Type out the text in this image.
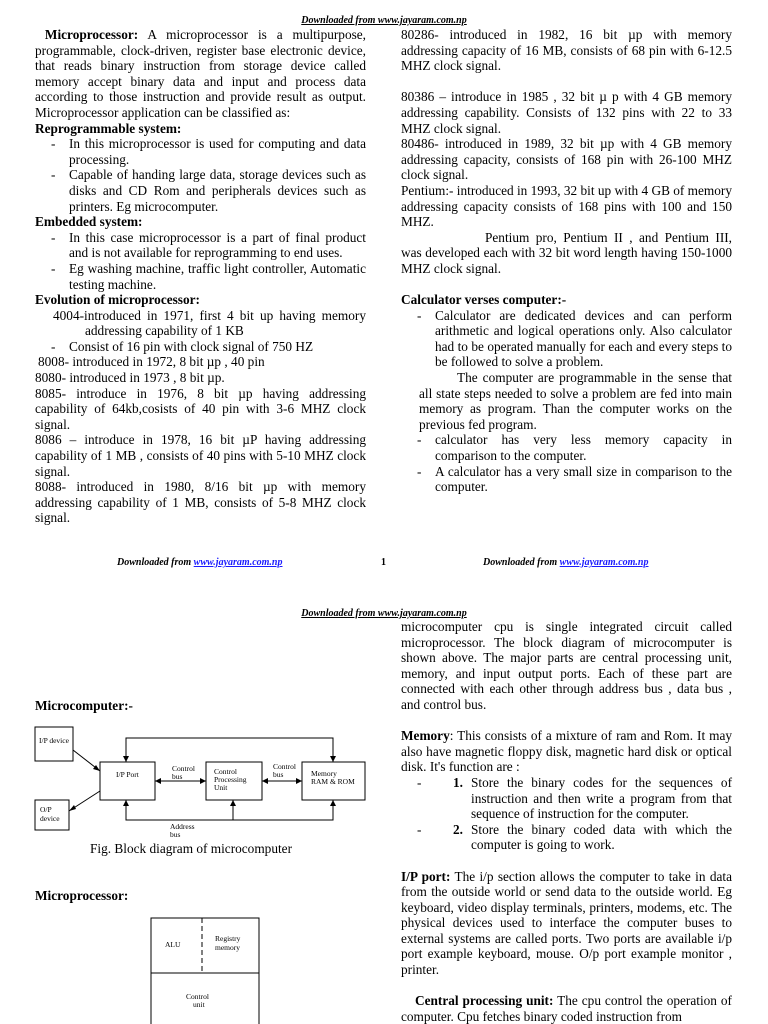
Downloaded from www.jayaram.com.np

Microprocessor: A microprocessor is a multipurpose, programmable, clock-driven, register base electronic device, that reads binary instruction from storage device called memory accept binary data and input and process data according to those instruction and provide result as output. Microprocessor application can be classified as:

Reprogrammable system:

- In this microprocessor is used for computing and data processing.
- Capable of handing large data, storage devices such as disks and CD Rom and peripherals devices such as printers. Eg microcomputer.

Embedded system:

- In this case microprocessor is a part of final product and is not available for reprogramming to end uses.
- Eg washing machine, traffic light controller, Automatic testing machine.

Evolution of microprocessor:

4004-introduced in 1971, first 4 bit up having memory addressing capability of 1 KB

- Consist of 16 pin with clock signal of 750 HZ

8008- introduced in 1972, 8 bit µp , 40 pin

8080- introduced in 1973 , 8 bit µp.

8085- introduce in 1976, 8 bit µp having addressing capability of 64kb,cosists of 40 pin with 3-6 MHZ clock signal.

8086 – introduce in 1978, 16 bit µP having addressing capability of 1 MB , consists of 40 pins with 5-10 MHZ clock signal.

8088- introduced in 1980, 8/16 bit µp with memory addressing capability of 1 MB, consists of 5-8 MHZ clock signal.

80286- introduced in 1982, 16 bit µp with memory addressing capacity of 16 MB, consists of 68 pin with 6-12.5 MHZ clock signal.

80386 – introduce in 1985 , 32 bit µ p with 4 GB memory addressing capability. Consists of 132 pins with 22 to 33 MHZ clock signal.

80486- introduced in 1989, 32 bit µp with 4 GB memory addressing capacity, consists of 168 pin with 26-100 MHZ clock signal.

Pentium:- introduced in 1993, 32 bit up with 4 GB of memory addressing capacity consists of 168 pins with 100 and 150 MHZ.

Pentium pro, Pentium II , and Pentium III, was developed each with 32 bit word length having 150-1000 MHZ clock signal.

Calculator verses computer:-

- Calculator are dedicated devices and can perform arithmetic and logical operations only. Also calculator had to be operated manually for each and every steps to be followed to solve a problem.

The computer are programmable in the sense that all state steps needed to solve a problem are fed into main memory as program. Than the computer works on the previous fed program.

- calculator has very less memory capacity in comparison to the computer.
- A calculator has a very small size in comparison to the computer.
Downloaded from www.jayaram.com.np	1	Downloaded from www.jayaram.com.np
Downloaded from www.jayaram.com.np
Microcomputer:-
I/P device
O/P
device
I/P Port
Control
bus
Control
Processing
Unit
Control
bus	Memory
RAM & ROM
Address
bus
Fig. Block diagram of microcomputer
Microprocessor:
ALU
Registry
memory
Control
unit

microcomputer cpu is single integrated circuit called microprocessor. The block diagram of microcomputer is shown above. The major parts are central processing unit, memory, and input output ports. Each of these part are connected with each other through address bus , data bus , and control bus.

Memory: This consists of a mixture of ram and Rom. It may also have magnetic floppy disk, magnetic hard disk or optical disk. It's function are :

- 1. Store the binary codes for the sequences of instruction and then write a program from that sequence of instruction for the computer.
- 2. Store the binary coded data with which the computer is going to work.

I/P port: The i/p section allows the computer to take in data from the outside world or send data to the outside world. Eg keyboard, video display terminals, printers, modems, etc. The physical devices used to interface the computer buses to external systems are called ports. Two ports are available i/p port example keyboard, mouse. O/p port example monitor , printer.

Central processing unit: The cpu control the operation of computer. Cpu fetches binary coded instruction from
